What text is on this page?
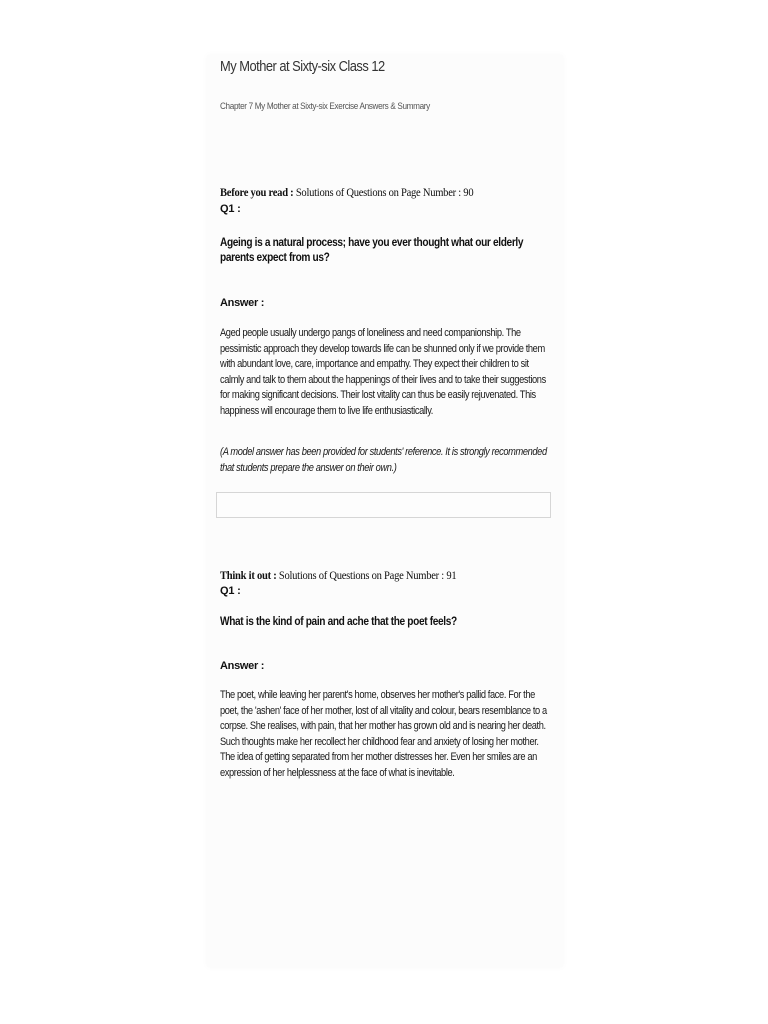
My Mother at Sixty-six Class 12
Chapter 7 My Mother at Sixty-six Exercise Answers & Summary
Before you read : Solutions of Questions on Page Number : 90
Q1 :
Ageing is a natural process; have you ever thought what our elderly parents expect from us?
Answer :
Aged people usually undergo pangs of loneliness and need companionship. The pessimistic approach they develop towards life can be shunned only if we provide them with abundant love, care, importance and empathy. They expect their children to sit calmly and talk to them about the happenings of their lives and to take their suggestions for making significant decisions. Their lost vitality can thus be easily rejuvenated. This happiness will encourage them to live life enthusiastically.
(A model answer has been provided for students' reference. It is strongly recommended that students prepare the answer on their own.)
Think it out : Solutions of Questions on Page Number : 91
Q1 :
What is the kind of pain and ache that the poet feels?
Answer :
The poet, while leaving her parent's home, observes her mother's pallid face. For the poet, the 'ashen' face of her mother, lost of all vitality and colour, bears resemblance to a corpse. She realises, with pain, that her mother has grown old and is nearing her death. Such thoughts make her recollect her childhood fear and anxiety of losing her mother. The idea of getting separated from her mother distresses her. Even her smiles are an expression of her helplessness at the face of what is inevitable.
